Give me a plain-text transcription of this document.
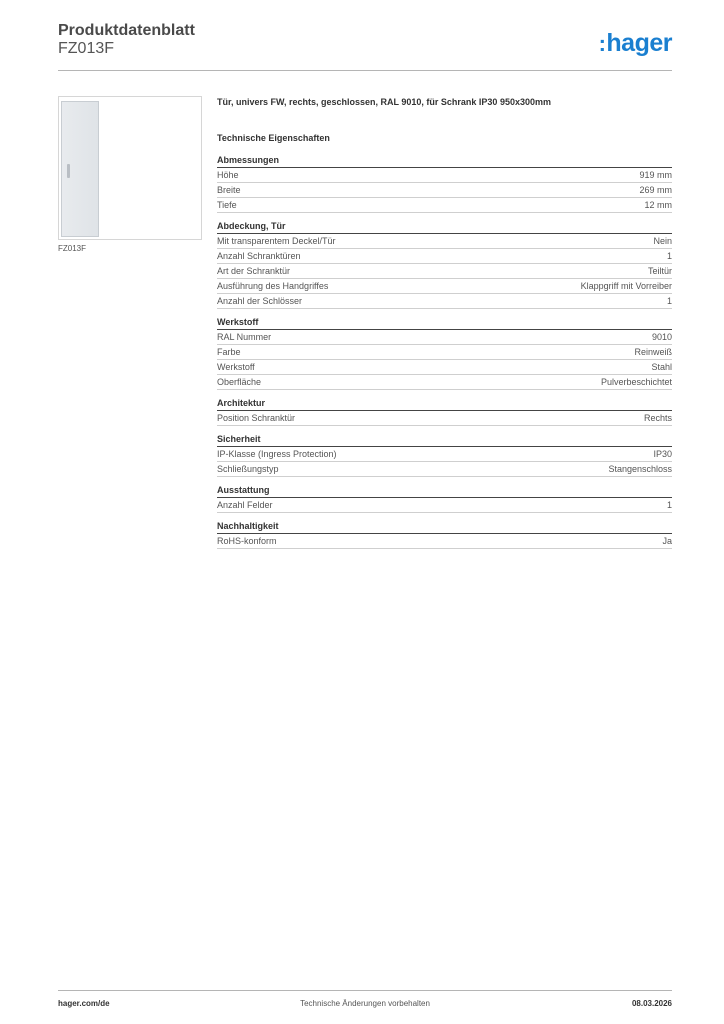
Produktdatenblatt
FZ013F	:hager
FZ013F
Tür, univers FW, rechts, geschlossen, RAL 9010, für Schrank IP30 950x300mm
Technische Eigenschaften
Abmessungen
Höhe	919 mm
Breite	269 mm
Tiefe	12 mm
Abdeckung, Tür
Mit transparentem Deckel/Tür	Nein
Anzahl Schranktüren	1
Art der Schranktür	Teiltür
Ausführung des Handgriffes	Klappgriff mit Vorreiber
Anzahl der Schlösser	1
Werkstoff
RAL Nummer	9010
Farbe	Reinweiß
Werkstoff	Stahl
Oberfläche	Pulverbeschichtet
Architektur
Position Schranktür	Rechts
Sicherheit
IP-Klasse (Ingress Protection)	IP30
Schließungstyp	Stangenschloss
Ausstattung
Anzahl Felder	1
Nachhaltigkeit
RoHS-konform	Ja
hager.com/de	Technische Änderungen vorbehalten	08.03.2026
